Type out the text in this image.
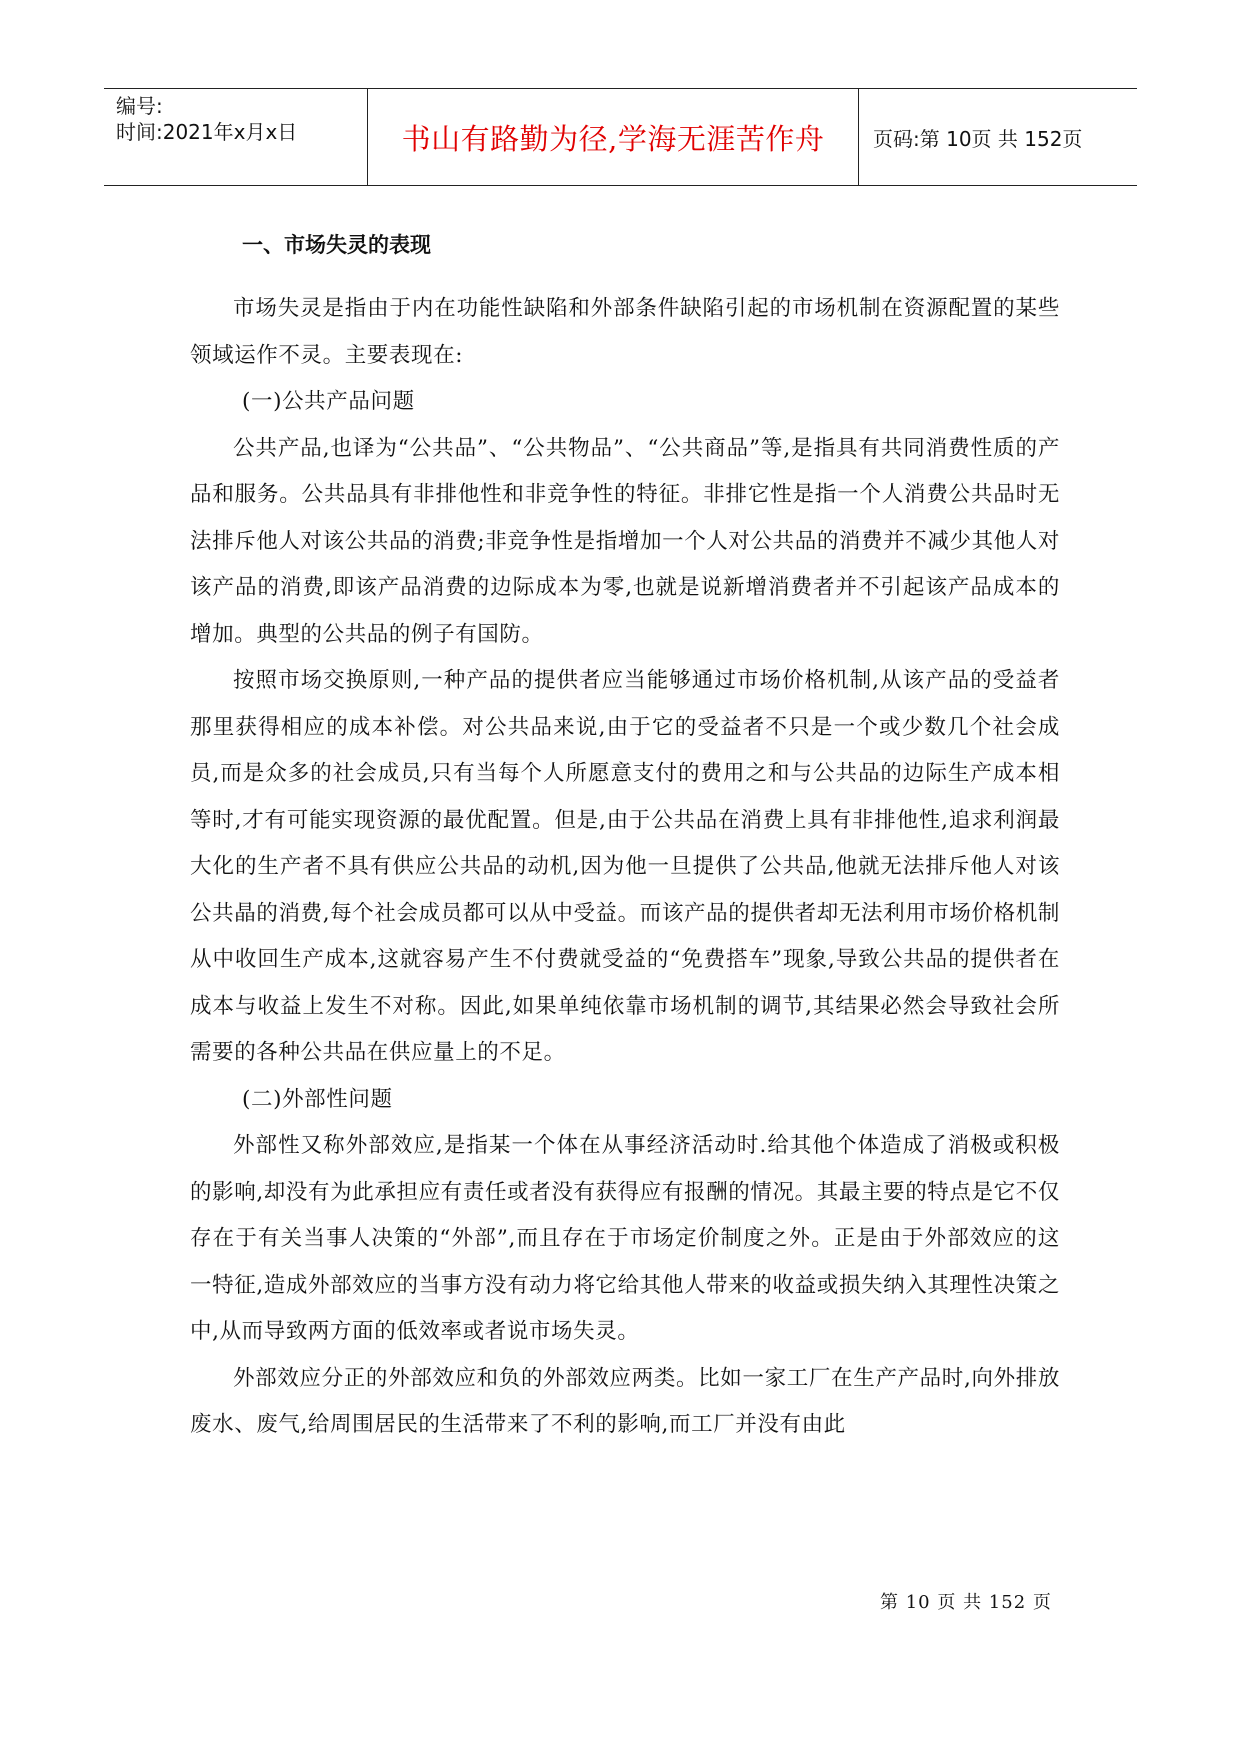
编号:
时间:2021年x月x日	书山有路勤为径,学海无涯苦作舟	页码:第 10页 共 152页
一、市场失灵的表现

市场失灵是指由于内在功能性缺陷和外部条件缺陷引起的市场机制在资源配置的某些领域运作不灵。主要表现在:

(一)公共产品问题

公共产品,也译为“公共品”、“公共物品”、“公共商品”等,是指具有共同消费性质的产品和服务。公共品具有非排他性和非竞争性的特征。非排它性是指一个人消费公共品时无法排斥他人对该公共品的消费;非竞争性是指增加一个人对公共品的消费并不减少其他人对该产品的消费,即该产品消费的边际成本为零,也就是说新增消费者并不引起该产品成本的增加。典型的公共品的例子有国防。

按照市场交换原则,一种产品的提供者应当能够通过市场价格机制,从该产品的受益者那里获得相应的成本补偿。对公共品来说,由于它的受益者不只是一个或少数几个社会成员,而是众多的社会成员,只有当每个人所愿意支付的费用之和与公共品的边际生产成本相等时,才有可能实现资源的最优配置。但是,由于公共品在消费上具有非排他性,追求利润最大化的生产者不具有供应公共品的动机,因为他一旦提供了公共品,他就无法排斥他人对该公共晶的消费,每个社会成员都可以从中受益。而该产品的提供者却无法利用市场价格机制从中收回生产成本,这就容易产生不付费就受益的“免费搭车”现象,导致公共品的提供者在成本与收益上发生不对称。因此,如果单纯依靠市场机制的调节,其结果必然会导致社会所需要的各种公共品在供应量上的不足。

(二)外部性问题

外部性又称外部效应,是指某一个体在从事经济活动时.给其他个体造成了消极或积极的影响,却没有为此承担应有责任或者没有获得应有报酬的情况。其最主要的特点是它不仅存在于有关当事人决策的“外部”,而且存在于市场定价制度之外。正是由于外部效应的这一特征,造成外部效应的当事方没有动力将它给其他人带来的收益或损失纳入其理性决策之中,从而导致两方面的低效率或者说市场失灵。

外部效应分正的外部效应和负的外部效应两类。比如一家工厂在生产产品时,向外排放废水、废气,给周围居民的生活带来了不利的影响,而工厂并没有由此

第 10 页 共 152 页
